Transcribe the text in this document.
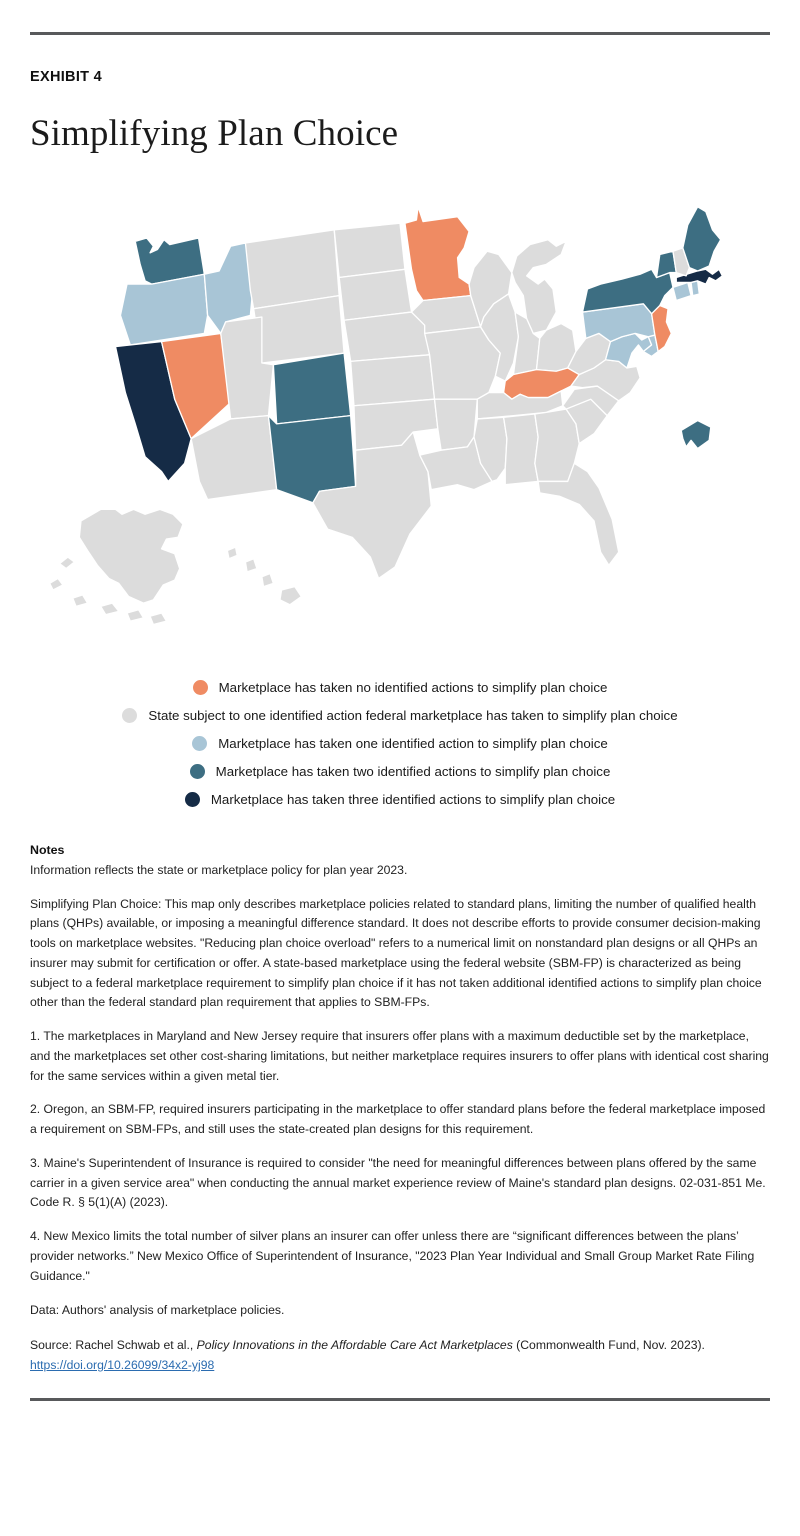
EXHIBIT 4
Simplifying Plan Choice
Marketplace has taken no identified actions to simplify plan choice
State subject to one identified action federal marketplace has taken to simplify plan choice
Marketplace has taken one identified action to simplify plan choice
Marketplace has taken two identified actions to simplify plan choice
Marketplace has taken three identified actions to simplify plan choice
Notes

Information reflects the state or marketplace policy for plan year 2023.

Simplifying Plan Choice: This map only describes marketplace policies related to standard plans, limiting the number of qualified health plans (QHPs) available, or imposing a meaningful difference standard. It does not describe efforts to provide consumer decision-making tools on marketplace websites. "Reducing plan choice overload" refers to a numerical limit on nonstandard plan designs or all QHPs an insurer may submit for certification or offer. A state-based marketplace using the federal website (SBM-FP) is characterized as being subject to a federal marketplace requirement to simplify plan choice if it has not taken additional identified actions to simplify plan choice other than the federal standard plan requirement that applies to SBM-FPs.

1. The marketplaces in Maryland and New Jersey require that insurers offer plans with a maximum deductible set by the marketplace, and the marketplaces set other cost-sharing limitations, but neither marketplace requires insurers to offer plans with identical cost sharing for the same services within a given metal tier.

2. Oregon, an SBM-FP, required insurers participating in the marketplace to offer standard plans before the federal marketplace imposed a requirement on SBM-FPs, and still uses the state-created plan designs for this requirement.

3. Maine's Superintendent of Insurance is required to consider "the need for meaningful differences between plans offered by the same carrier in a given service area" when conducting the annual market experience review of Maine's standard plan designs. 02-031-851 Me. Code R. § 5(1)(A) (2023).

4. New Mexico limits the total number of silver plans an insurer can offer unless there are “significant differences between the plans’ provider networks.” New Mexico Office of Superintendent of Insurance, "2023 Plan Year Individual and Small Group Market Rate Filing Guidance."

Data: Authors' analysis of marketplace policies.

Source: Rachel Schwab et al., Policy Innovations in the Affordable Care Act Marketplaces (Commonwealth Fund, Nov. 2023). https://doi.org/10.26099/34x2-yj98
